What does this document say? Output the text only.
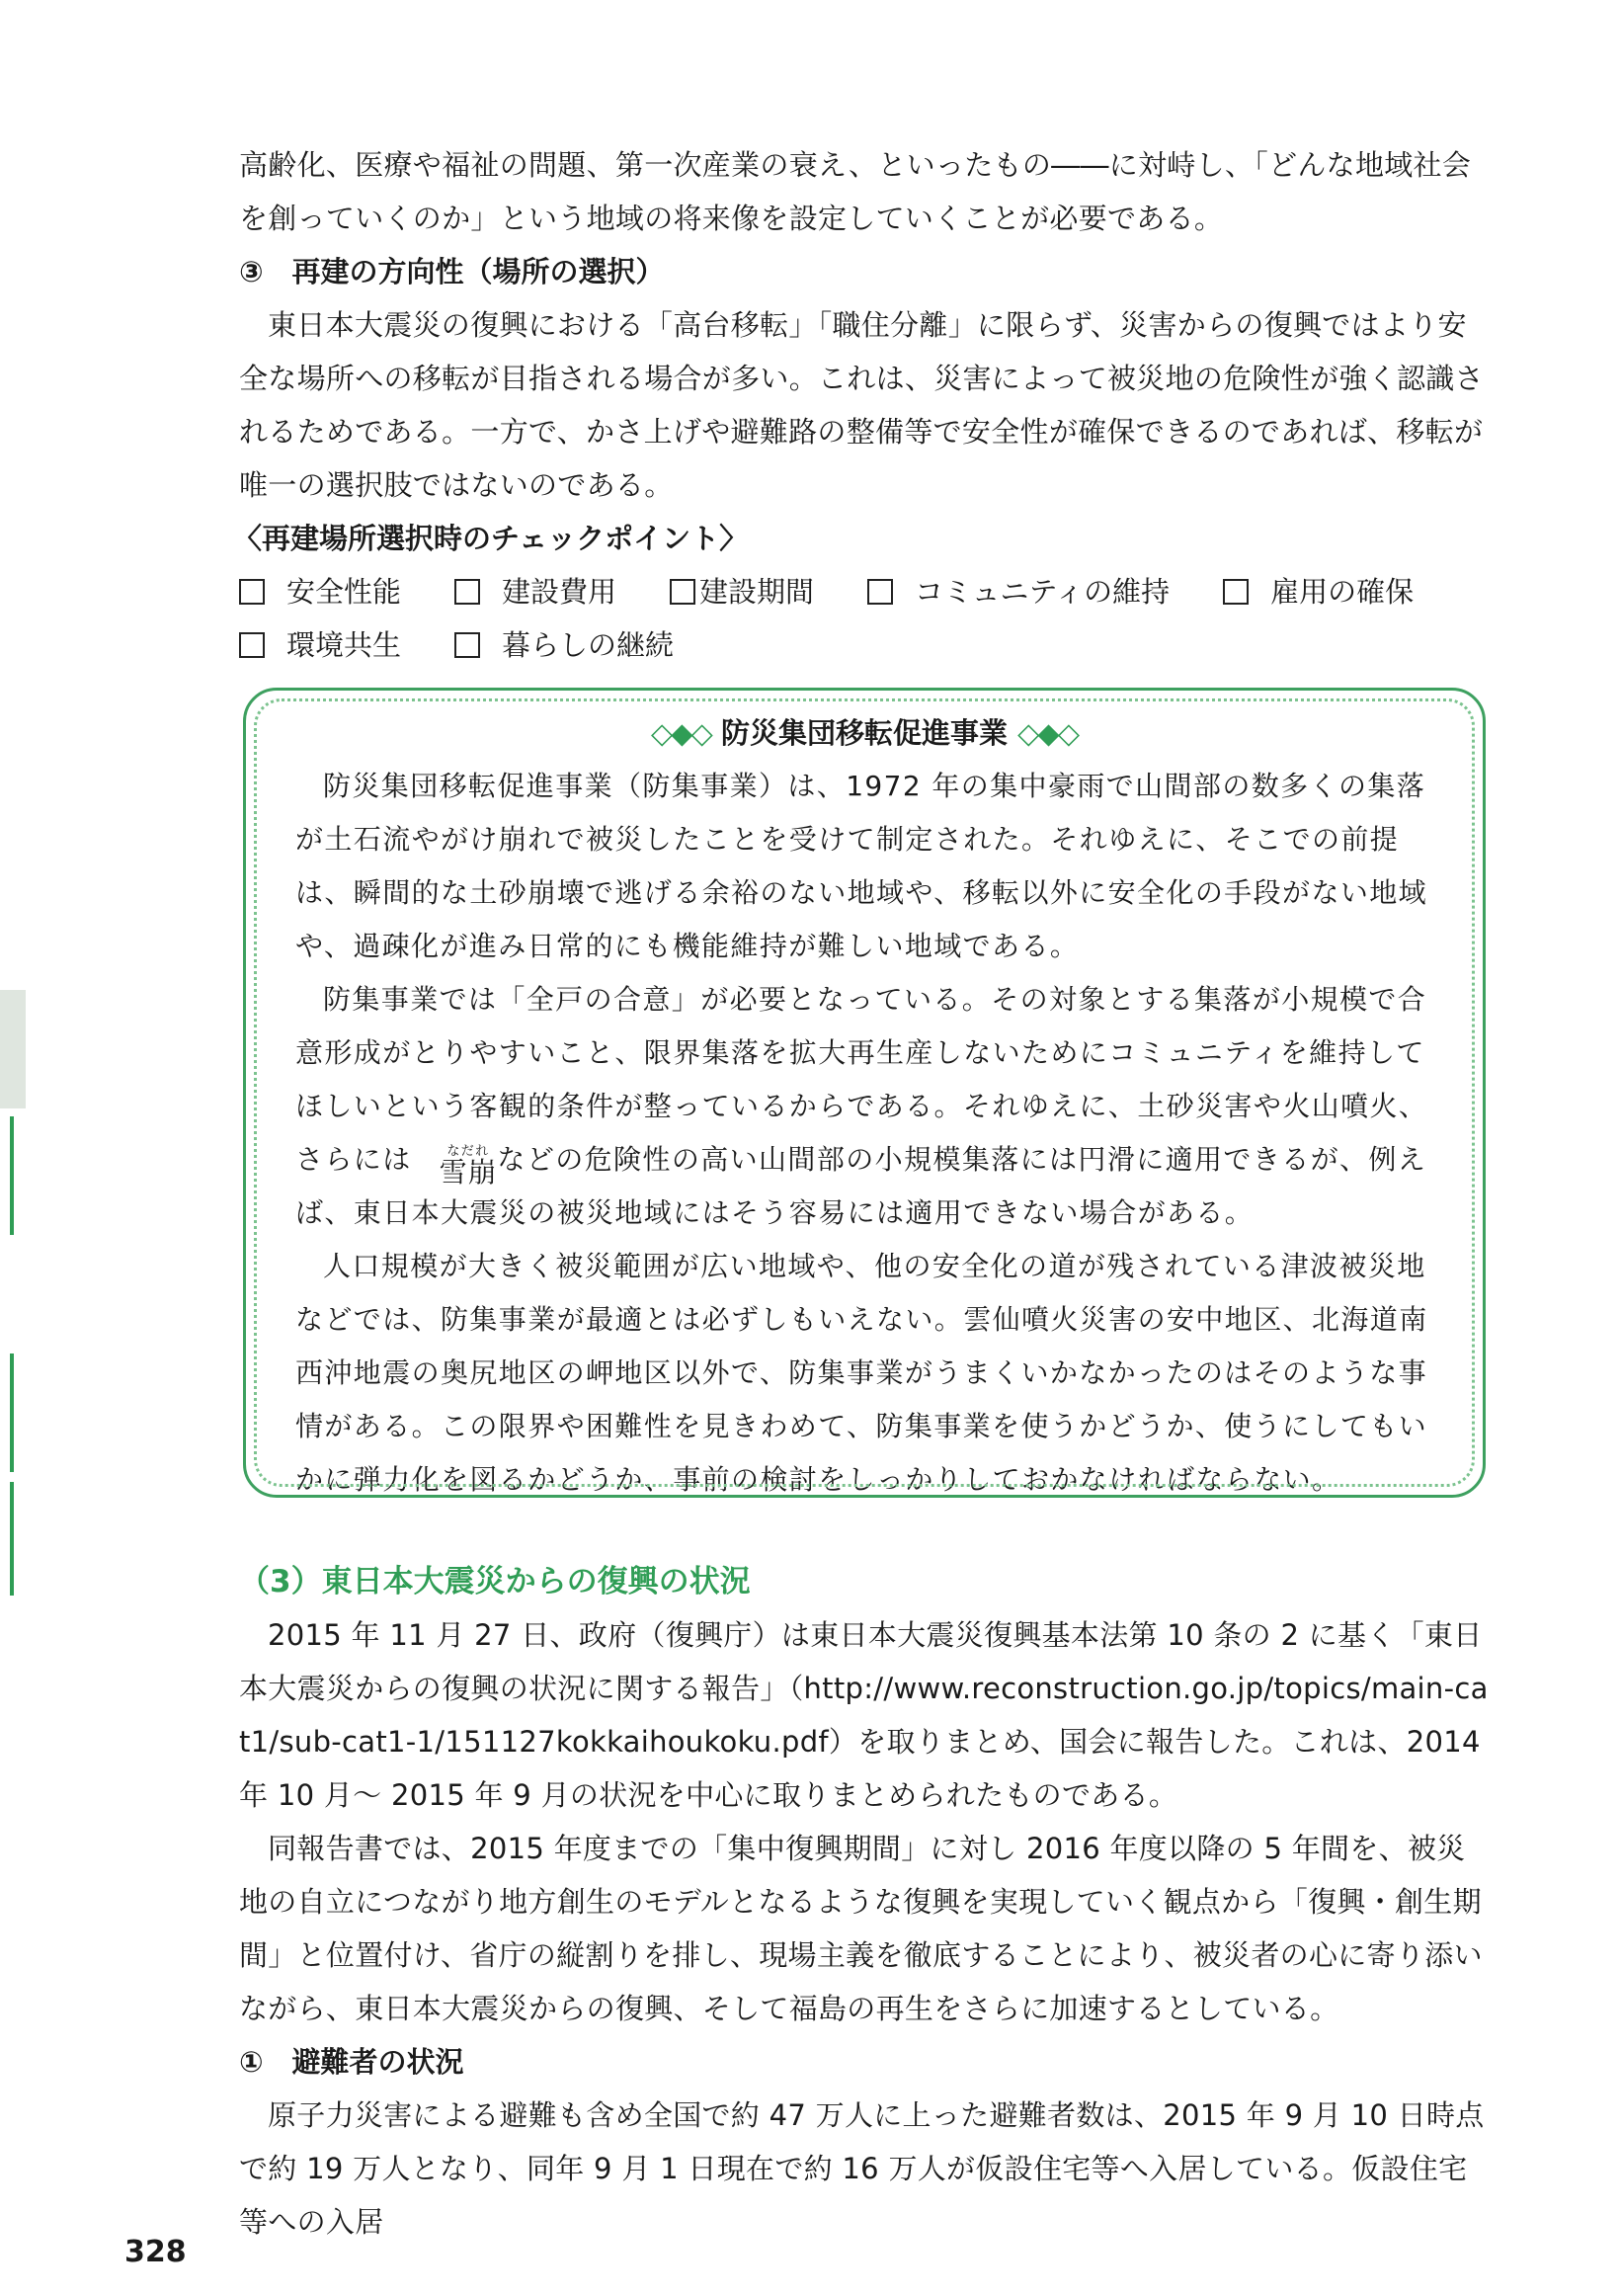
高齢化、医療や福祉の問題、第一次産業の衰え、といったもの――に対峙し、「どんな地域社会を創っていくのか」という地域の将来像を設定していくことが必要である。

③　再建の方向性（場所の選択）

東日本大震災の復興における「高台移転」「職住分離」に限らず、災害からの復興ではより安全な場所への移転が目指される場合が多い。これは、災害によって被災地の危険性が強く認識されるためである。一方で、かさ上げや避難路の整備等で安全性が確保できるのであれば、移転が唯一の選択肢ではないのである。

〈再建場所選択時のチェックポイント〉

安全性能	建設費用	建設期間	コミュニティの維持	雇用の確保
環境共生	暮らしの継続

◇◆◇ 防災集団移転促進事業 ◇◆◇

防災集団移転促進事業（防集事業）は、1972 年の集中豪雨で山間部の数多くの集落が土石流やがけ崩れで被災したことを受けて制定された。それゆえに、そこでの前提は、瞬間的な土砂崩壊で逃げる余裕のない地域や、移転以外に安全化の手段がない地域や、過疎化が進み日常的にも機能維持が難しい地域である。

防集事業では「全戸の合意」が必要となっている。その対象とする集落が小規模で合意形成がとりやすいこと、限界集落を拡大再生産しないためにコミュニティを維持してほしいという客観的条件が整っているからである。それゆえに、土砂災害や火山噴火、さらには	なだれ
雪崩 などの危険性の高い山間部の小規模集落には円滑に適用できるが、例えば、東日本大震災の被災地域にはそう容易には適用できない場合がある。

人口規模が大きく被災範囲が広い地域や、他の安全化の道が残されている津波被災地などでは、防集事業が最適とは必ずしもいえない。雲仙噴火災害の安中地区、北海道南西沖地震の奥尻地区の岬地区以外で、防集事業がうまくいかなかったのはそのような事情がある。この限界や困難性を見きわめて、防集事業を使うかどうか、使うにしてもいかに弾力化を図るかどうか、事前の検討をしっかりしておかなければならない。

（3）東日本大震災からの復興の状況

2015 年 11 月 27 日、政府（復興庁）は東日本大震災復興基本法第 10 条の 2 に基く「東日本大震災からの復興の状況に関する報告」（http://www.reconstruction.go.jp/topics/main-cat1/sub-cat1-1/151127kokkaihoukoku.pdf）を取りまとめ、国会に報告した。これは、2014 年 10 月～ 2015 年 9 月の状況を中心に取りまとめられたものである。

同報告書では、2015 年度までの「集中復興期間」に対し 2016 年度以降の 5 年間を、被災地の自立につながり地方創生のモデルとなるような復興を実現していく観点から「復興・創生期間」と位置付け、省庁の縦割りを排し、現場主義を徹底することにより、被災者の心に寄り添いながら、東日本大震災からの復興、そして福島の再生をさらに加速するとしている。

①　避難者の状況

原子力災害による避難も含め全国で約 47 万人に上った避難者数は、2015 年 9 月 10 日時点で約 19 万人となり、同年 9 月 1 日現在で約 16 万人が仮設住宅等へ入居している。仮設住宅等への入居

328
